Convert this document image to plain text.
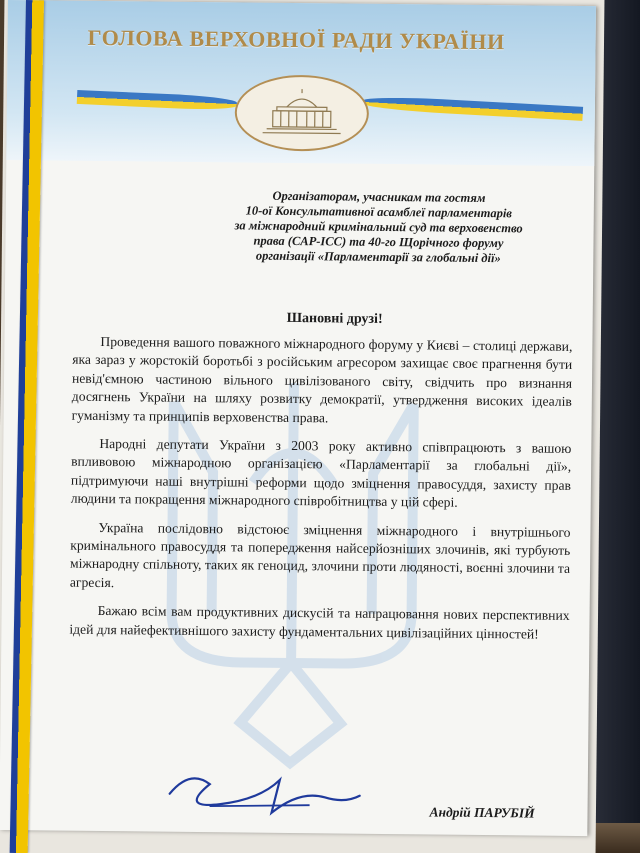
ГОЛОВА ВЕРХОВНОЇ РАДИ УКРАЇНИ
Організаторам, учасникам та гостям
10-ої Консультативної асамблеї парламентарів
за міжнародний кримінальний суд та верховенство
права (CAP-ICC) та 40-го Щорічного форуму
організації «Парламентарії за глобальні дії»
Шановні друзі!

Проведення вашого поважного міжнародного форуму у Києві – столиці держави, яка зараз у жорстокій боротьбі з російським агресором захищає своє прагнення бути невід'ємною частиною вільного цивілізованого світу, свідчить про визнання досягнень України на шляху розвитку демократії, утвердження високих ідеалів гуманізму та принципів верховенства права.

Народні депутати України з 2003 року активно співпрацюють з вашою впливовою міжнародною організацією «Парламентарії за глобальні дії», підтримуючи наші внутрішні реформи щодо зміцнення правосуддя, захисту прав людини та покращення міжнародного співробітництва у цій сфері.

Україна послідовно відстоює зміцнення міжнародного і внутрішнього кримінального правосуддя та попередження найсерйозніших злочинів, які турбують міжнародну спільноту, таких як геноцид, злочини проти людяності, воєнні злочини та агресія.

Бажаю всім вам продуктивних дискусій та напрацювання нових перспективних ідей для найефективнішого захисту фундаментальних цивілізаційних цінностей!

Андрій ПАРУБІЙ
